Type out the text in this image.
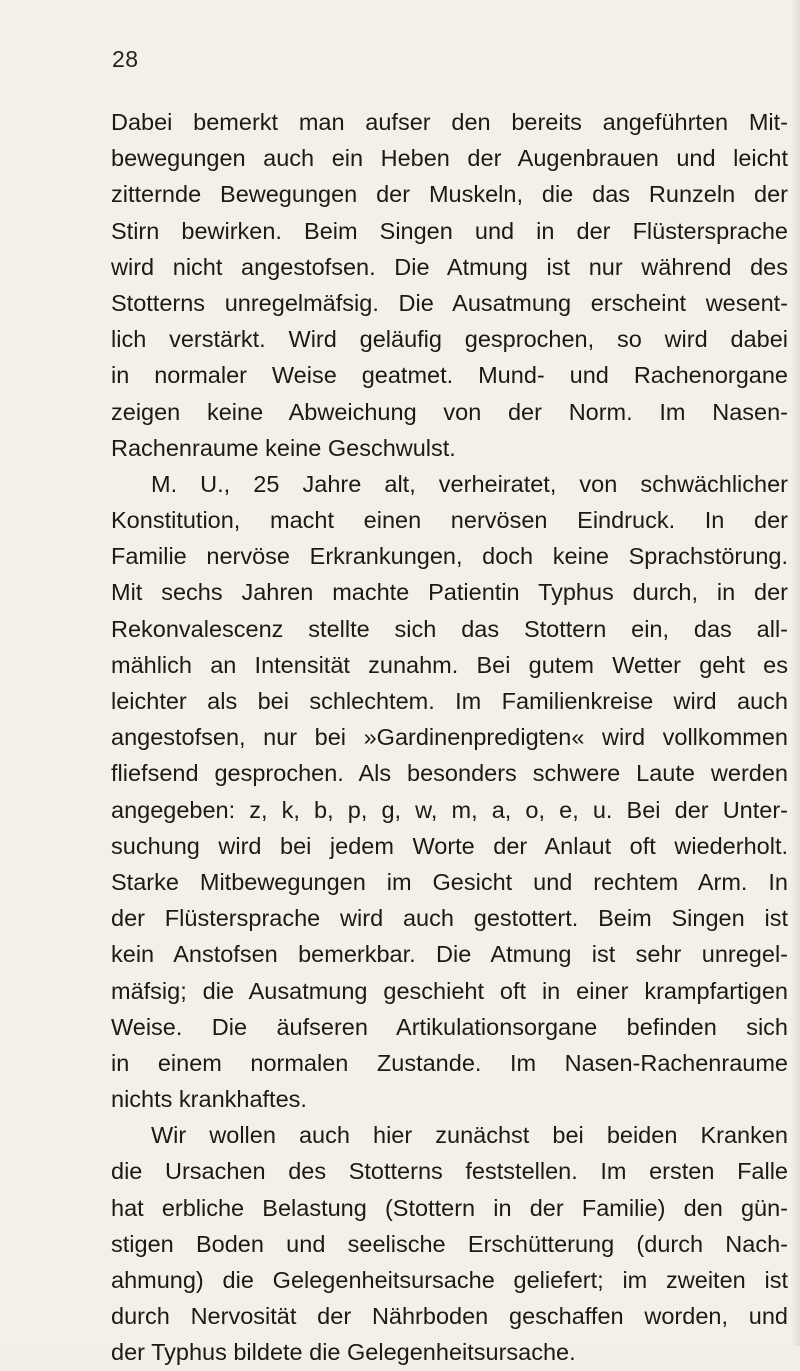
28
Dabei bemerkt man aufser den bereits angeführten Mit-
bewegungen auch ein Heben der Augenbrauen und leicht
zitternde Bewegungen der Muskeln, die das Runzeln der
Stirn bewirken. Beim Singen und in der Flüstersprache
wird nicht angestofsen. Die Atmung ist nur während des
Stotterns unregelmäfsig. Die Ausatmung erscheint wesent-
lich verstärkt. Wird geläufig gesprochen, so wird dabei
in normaler Weise geatmet. Mund- und Rachenorgane
zeigen keine Abweichung von der Norm. Im Nasen-
Rachenraume keine Geschwulst.
M. U., 25 Jahre alt, verheiratet, von schwächlicher
Konstitution, macht einen nervösen Eindruck. In der
Familie nervöse Erkrankungen, doch keine Sprachstörung.
Mit sechs Jahren machte Patientin Typhus durch, in der
Rekonvalescenz stellte sich das Stottern ein, das all-
mählich an Intensität zunahm. Bei gutem Wetter geht es
leichter als bei schlechtem. Im Familienkreise wird auch
angestofsen, nur bei »Gardinenpredigten« wird vollkommen
fliefsend gesprochen. Als besonders schwere Laute werden
angegeben: z, k, b, p, g, w, m, a, o, e, u. Bei der Unter-
suchung wird bei jedem Worte der Anlaut oft wiederholt.
Starke Mitbewegungen im Gesicht und rechtem Arm. In
der Flüstersprache wird auch gestottert. Beim Singen ist
kein Anstofsen bemerkbar. Die Atmung ist sehr unregel-
mäfsig; die Ausatmung geschieht oft in einer krampfartigen
Weise. Die äufseren Artikulationsorgane befinden sich
in einem normalen Zustande. Im Nasen-Rachenraume
nichts krankhaftes.
Wir wollen auch hier zunächst bei beiden Kranken
die Ursachen des Stotterns feststellen. Im ersten Falle
hat erbliche Belastung (Stottern in der Familie) den gün-
stigen Boden und seelische Erschütterung (durch Nach-
ahmung) die Gelegenheitsursache geliefert; im zweiten ist
durch Nervosität der Nährboden geschaffen worden, und
der Typhus bildete die Gelegenheitsursache.
